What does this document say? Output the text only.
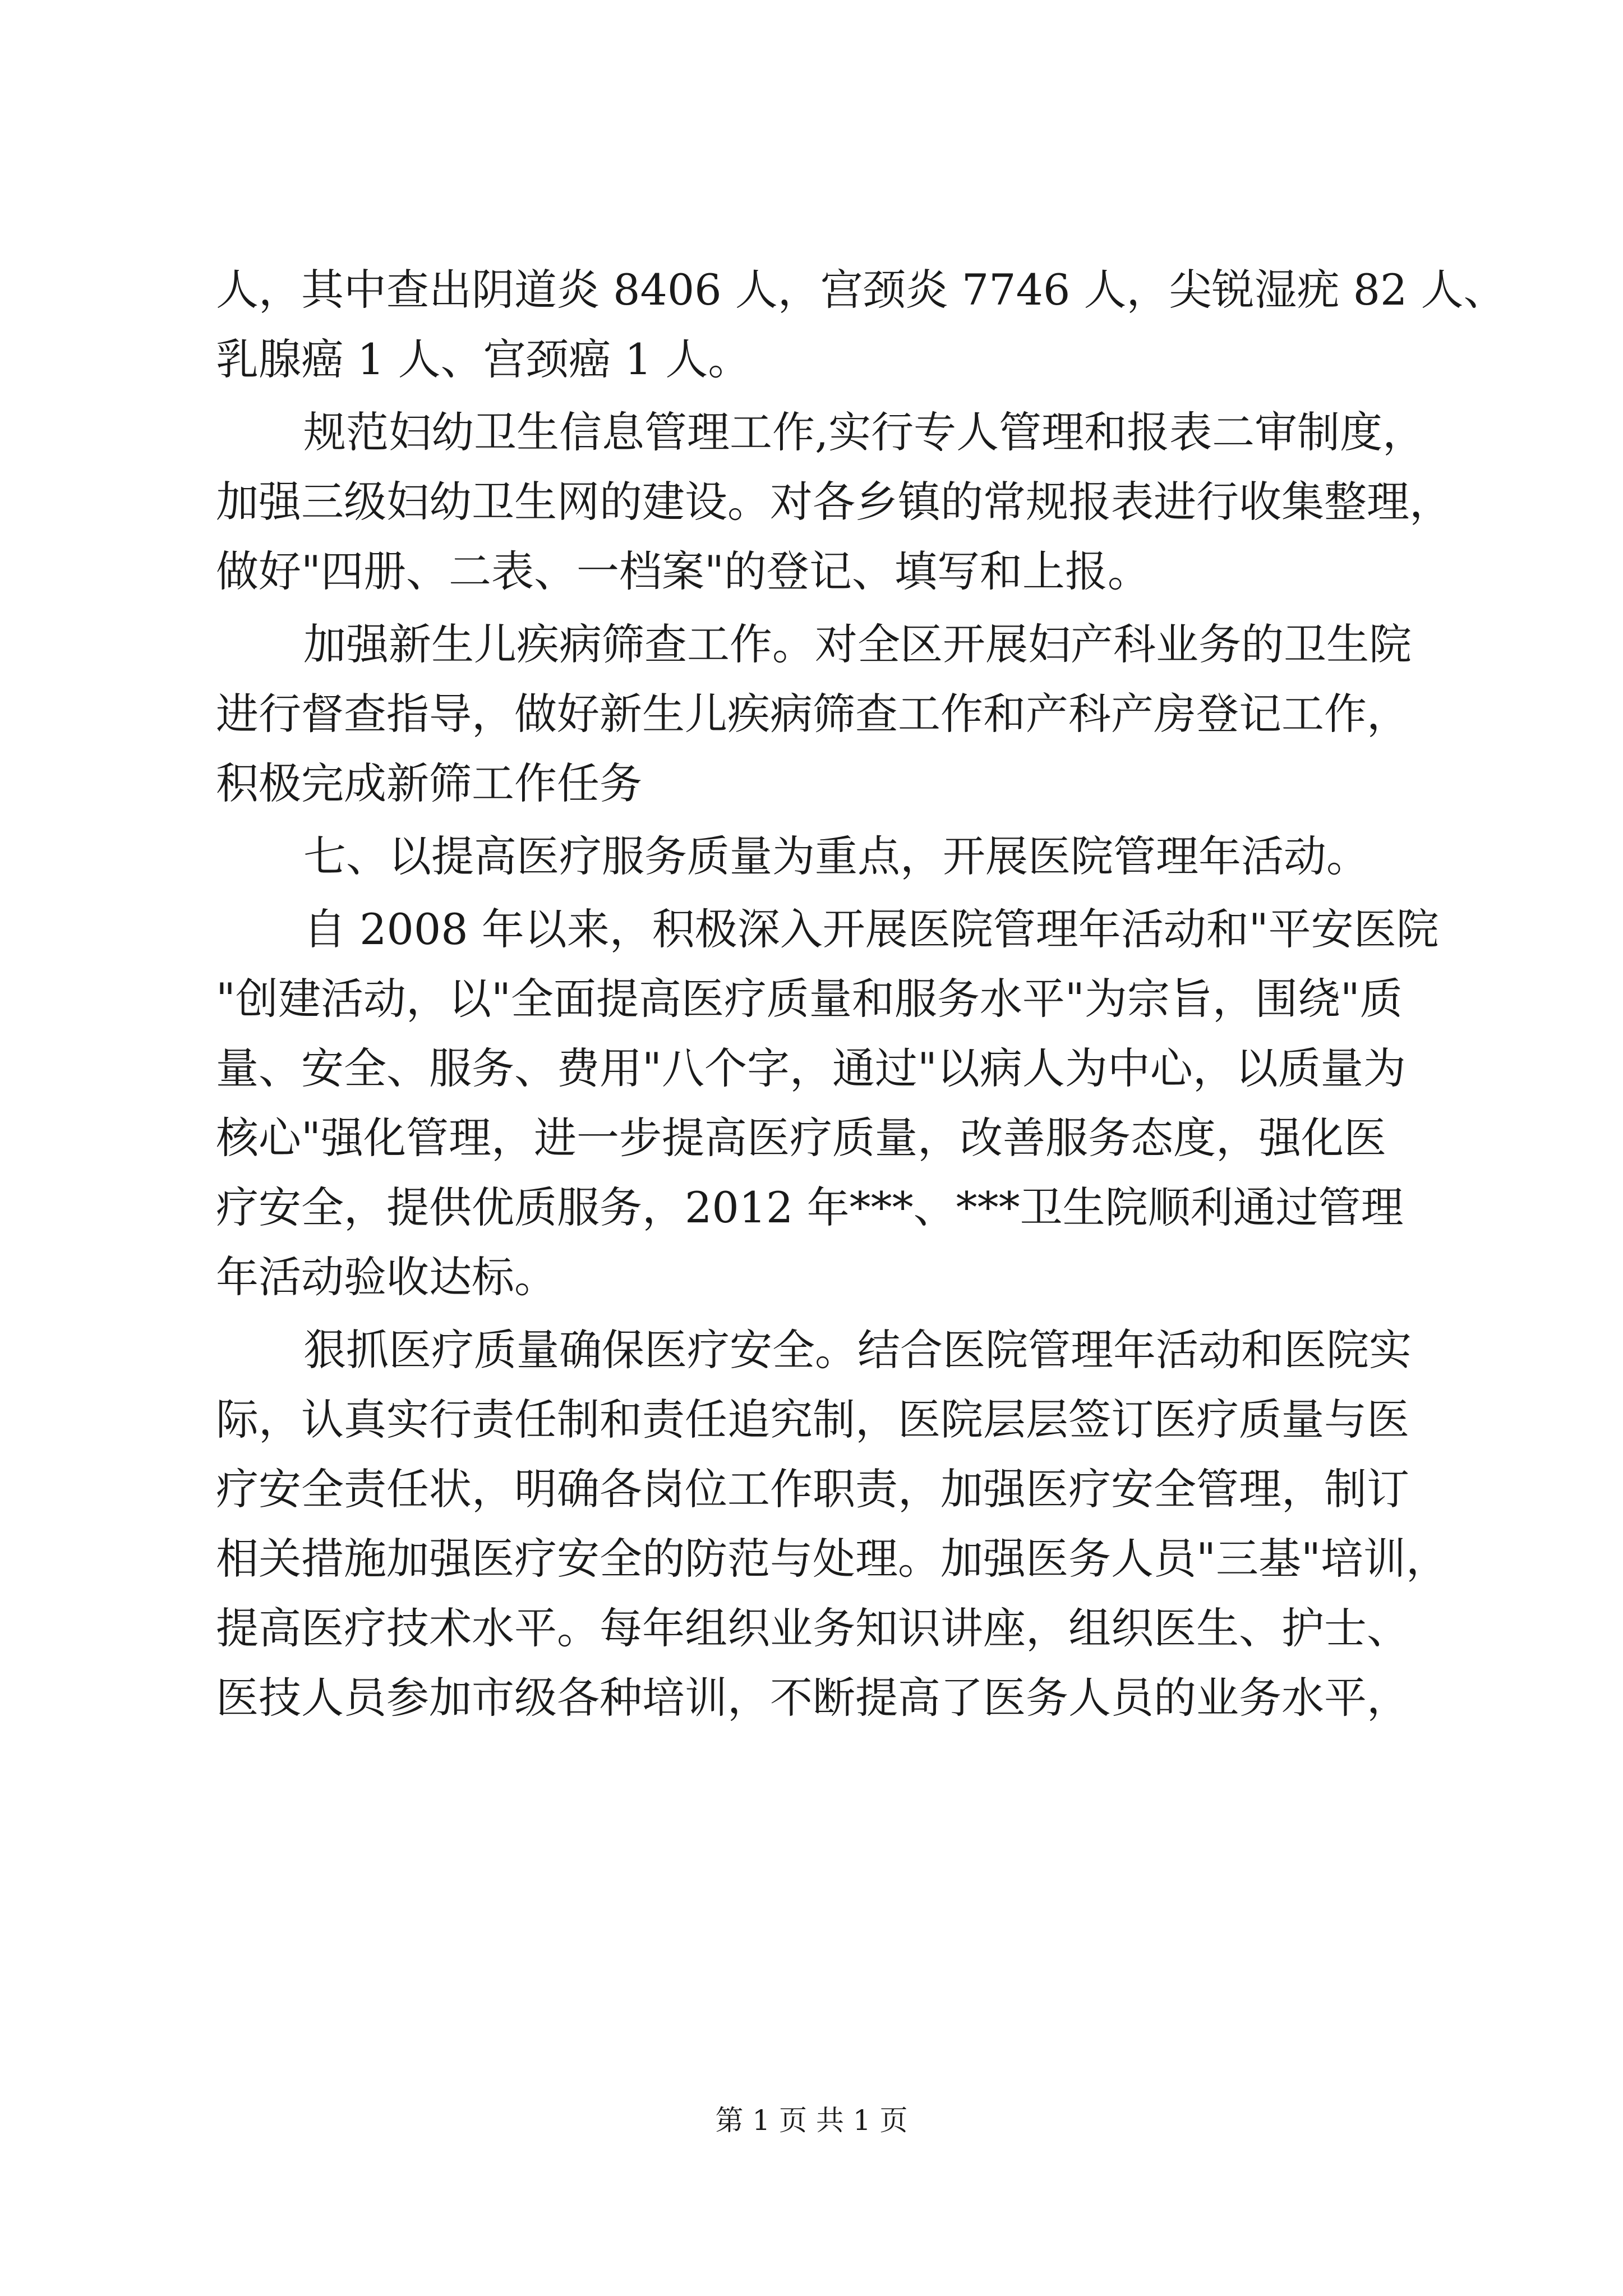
人，其中查出阴道炎 8406 人，宫颈炎 7746 人，尖锐湿疣 82 人、
乳腺癌 1 人、宫颈癌 1 人。
规范妇幼卫生信息管理工作,实行专人管理和报表二审制度，
加强三级妇幼卫生网的建设。对各乡镇的常规报表进行收集整理，
做好"四册、二表、一档案"的登记、填写和上报。
加强新生儿疾病筛查工作。对全区开展妇产科业务的卫生院
进行督查指导，做好新生儿疾病筛查工作和产科产房登记工作，
积极完成新筛工作任务
七、以提高医疗服务质量为重点，开展医院管理年活动。
自 2008 年以来，积极深入开展医院管理年活动和"平安医院
"创建活动，以"全面提高医疗质量和服务水平"为宗旨，围绕"质
量、安全、服务、费用"八个字，通过"以病人为中心，以质量为
核心"强化管理，进一步提高医疗质量，改善服务态度，强化医
疗安全，提供优质服务，2012 年***、***卫生院顺利通过管理
年活动验收达标。
狠抓医疗质量确保医疗安全。结合医院管理年活动和医院实
际，认真实行责任制和责任追究制，医院层层签订医疗质量与医
疗安全责任状，明确各岗位工作职责，加强医疗安全管理，制订
相关措施加强医疗安全的防范与处理。加强医务人员"三基"培训，
提高医疗技术水平。每年组织业务知识讲座，组织医生、护士、
医技人员参加市级各种培训，不断提高了医务人员的业务水平，
第 1 页 共 1 页
